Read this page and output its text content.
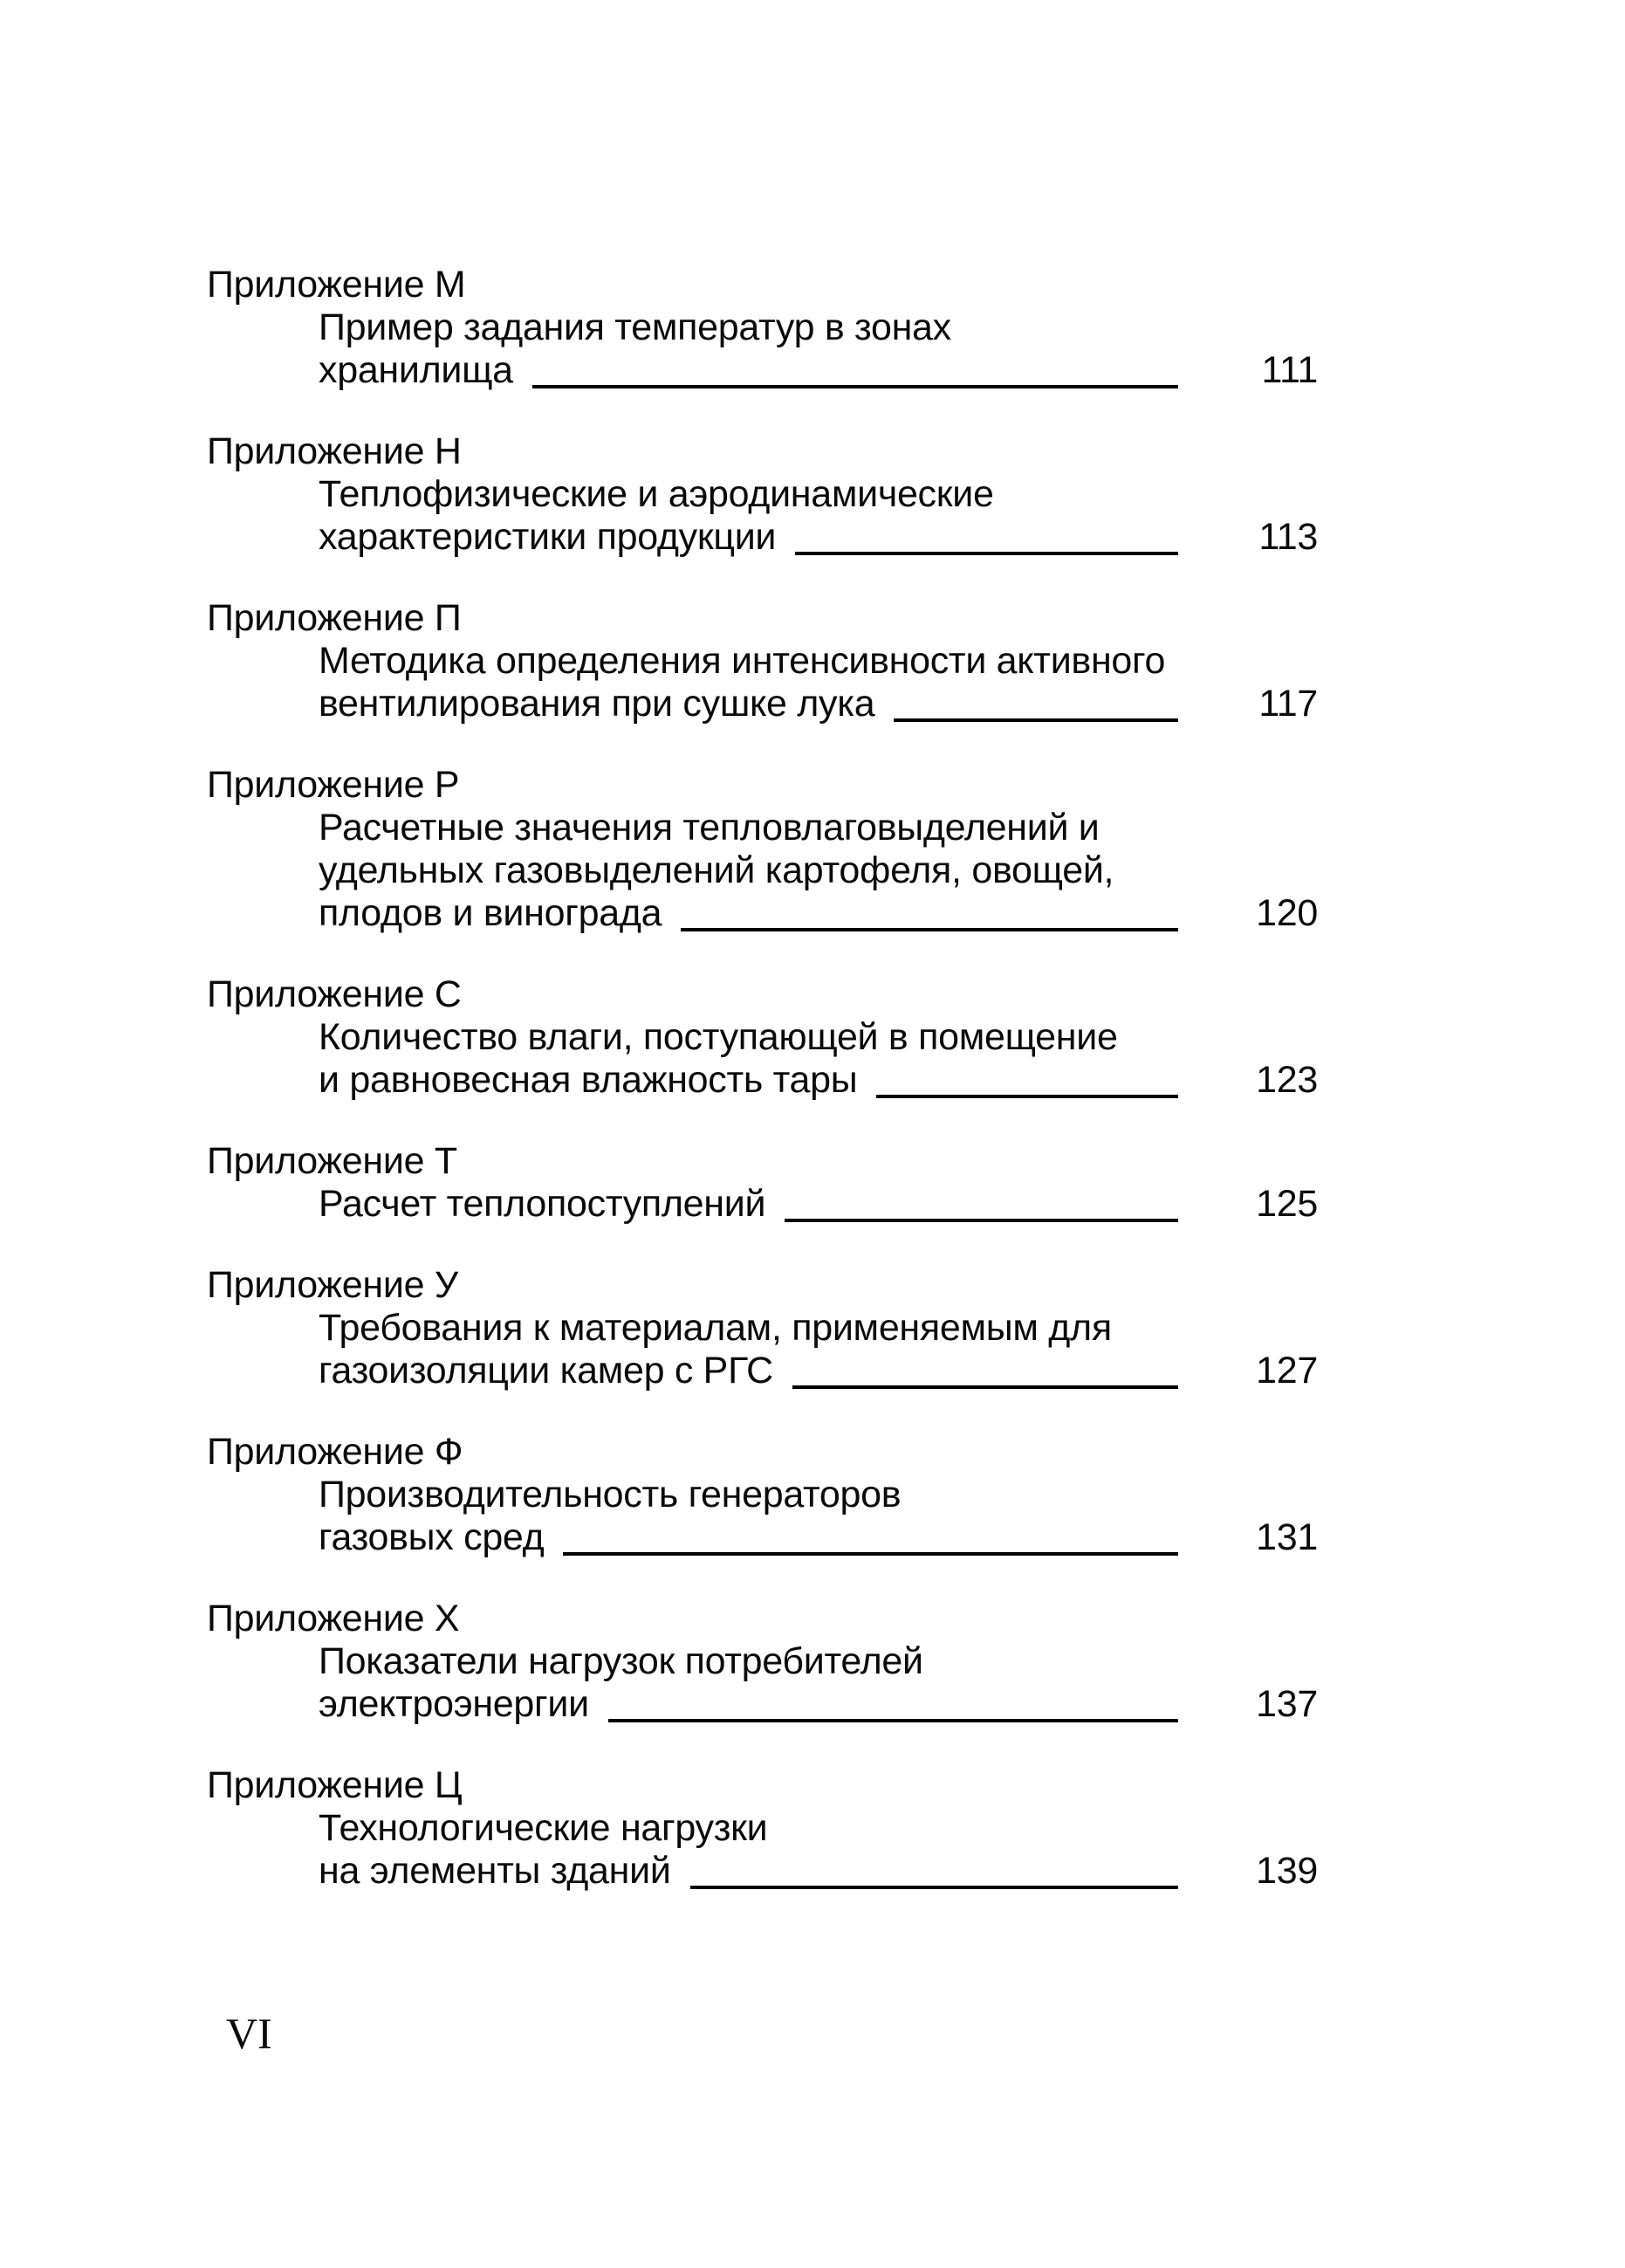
Приложение М
Пример задания температур в зонах
хранилища	111
Приложение Н
Теплофизические и аэродинамические
характеристики продукции	113
Приложение П
Методика определения интенсивности активного
вентилирования при сушке лука	117
Приложение Р
Расчетные значения тепловлаговыделений и
удельных газовыделений картофеля, овощей,
плодов и винограда	120
Приложение С
Количество влаги, поступающей в помещение
и равновесная влажность тары	123
Приложение Т
Расчет теплопоступлений	125
Приложение У
Требования к материалам, применяемым для
газоизоляции камер с РГС	127
Приложение Ф
Производительность генераторов
газовых сред	131
Приложение Х
Показатели нагрузок потребителей
электроэнергии	137
Приложение Ц
Технологические нагрузки
на элементы зданий	139
VI
